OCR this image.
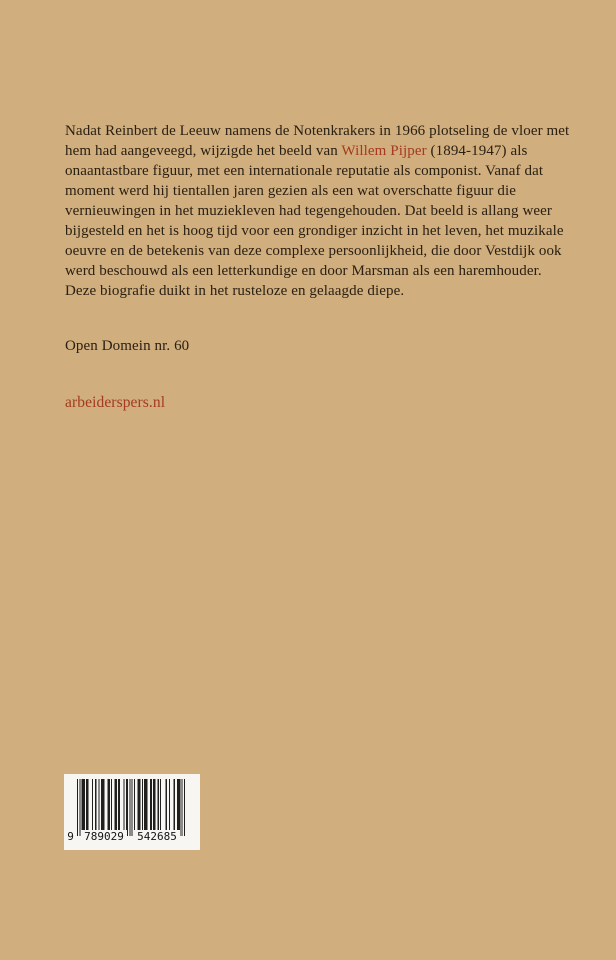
Nadat Reinbert de Leeuw namens de Notenkrakers in 1966 plotseling de vloer met
hem had aangeveegd, wijzigde het beeld van Willem Pijper (1894-1947) als
onaantastbare figuur, met een internationale reputatie als componist. Vanaf dat
moment werd hij tientallen jaren gezien als een wat overschatte figuur die
vernieuwingen in het muziekleven had tegengehouden. Dat beeld is allang weer
bijgesteld en het is hoog tijd voor een grondiger inzicht in het leven, het muzikale
oeuvre en de betekenis van deze complexe persoonlijkheid, die door Vestdijk ook
werd beschouwd als een letterkundige en door Marsman als een haremhouder.
Deze biografie duikt in het rusteloze en gelaagde diepe.
Open Domein nr. 60
arbeiderspers.nl
9 789029 542685
